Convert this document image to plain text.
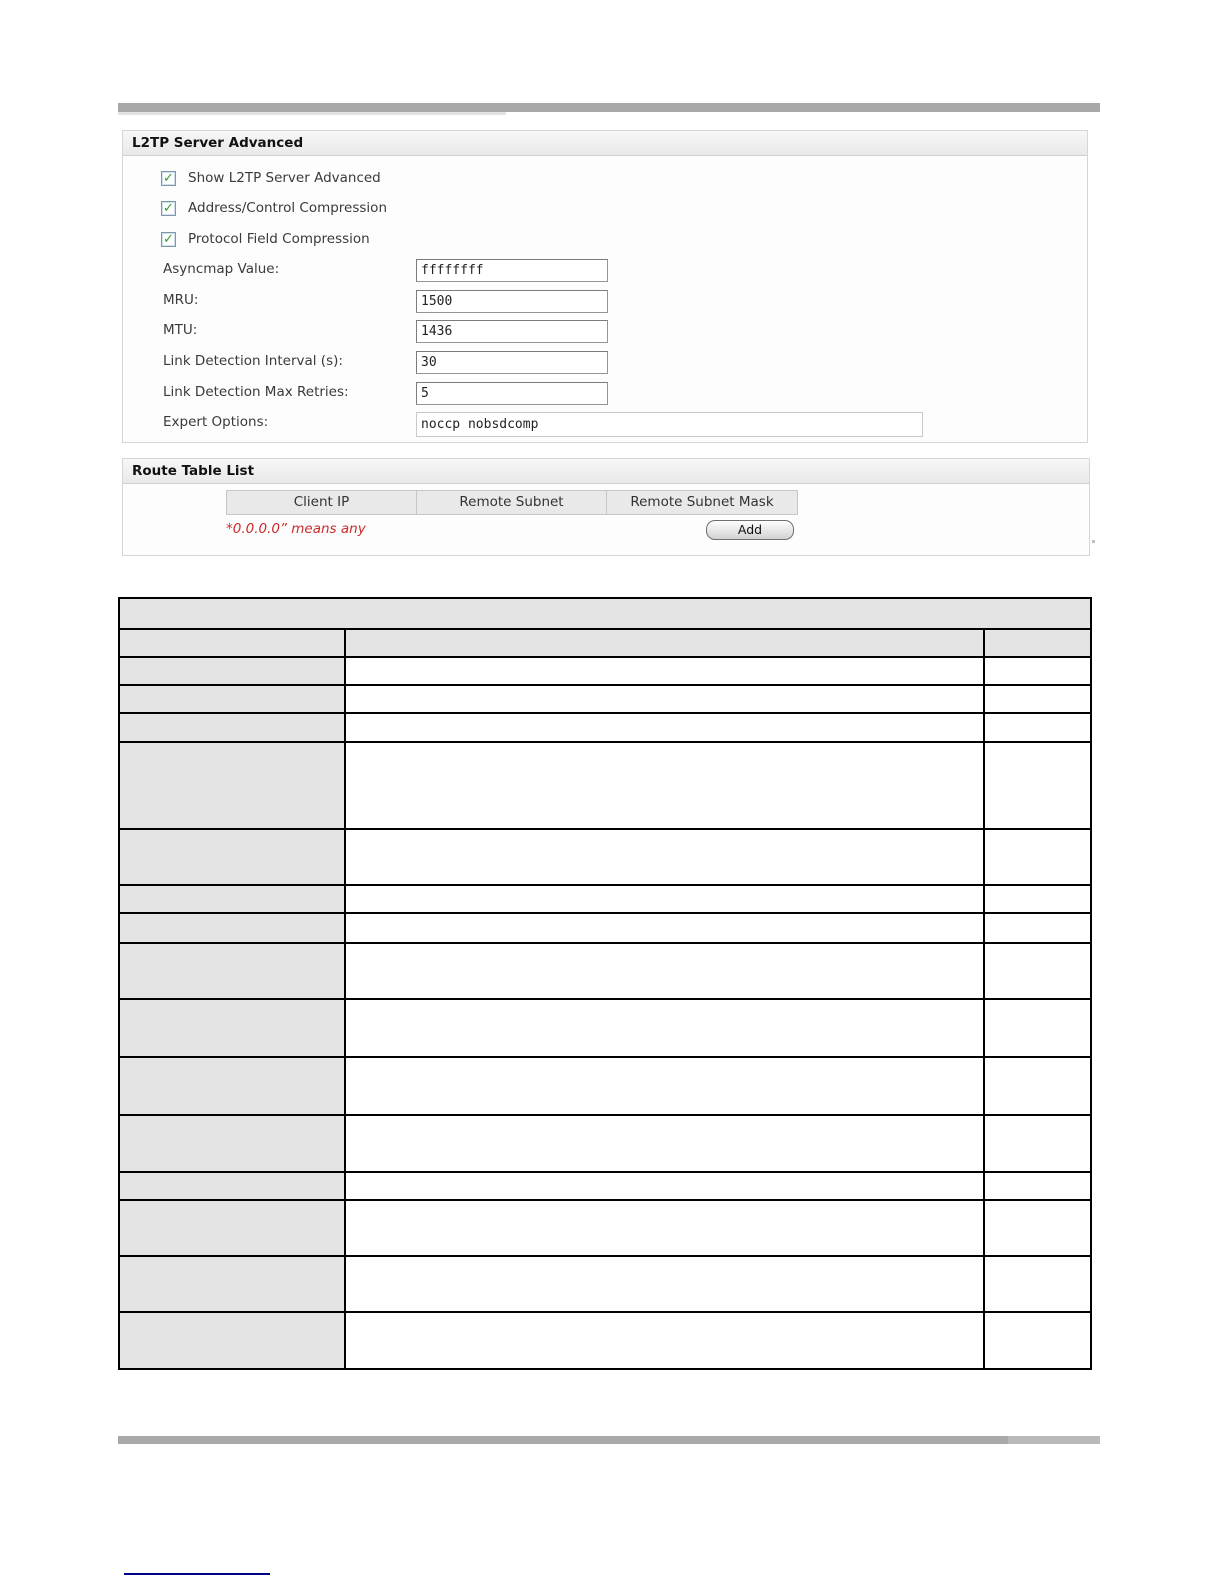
L2TP Server Advanced
✓ Show L2TP Server Advanced
✓ Address/Control Compression
✓ Protocol Field Compression
Asyncmap Value:
ffffffff
MRU:
1500
MTU:
1436
Link Detection Interval (s):
30
Link Detection Max Retries:
5
Expert Options:
noccp nobsdcomp
Route Table List
Client IP	Remote Subnet	Remote Subnet Mask
*0.0.0.0” means any	Add
